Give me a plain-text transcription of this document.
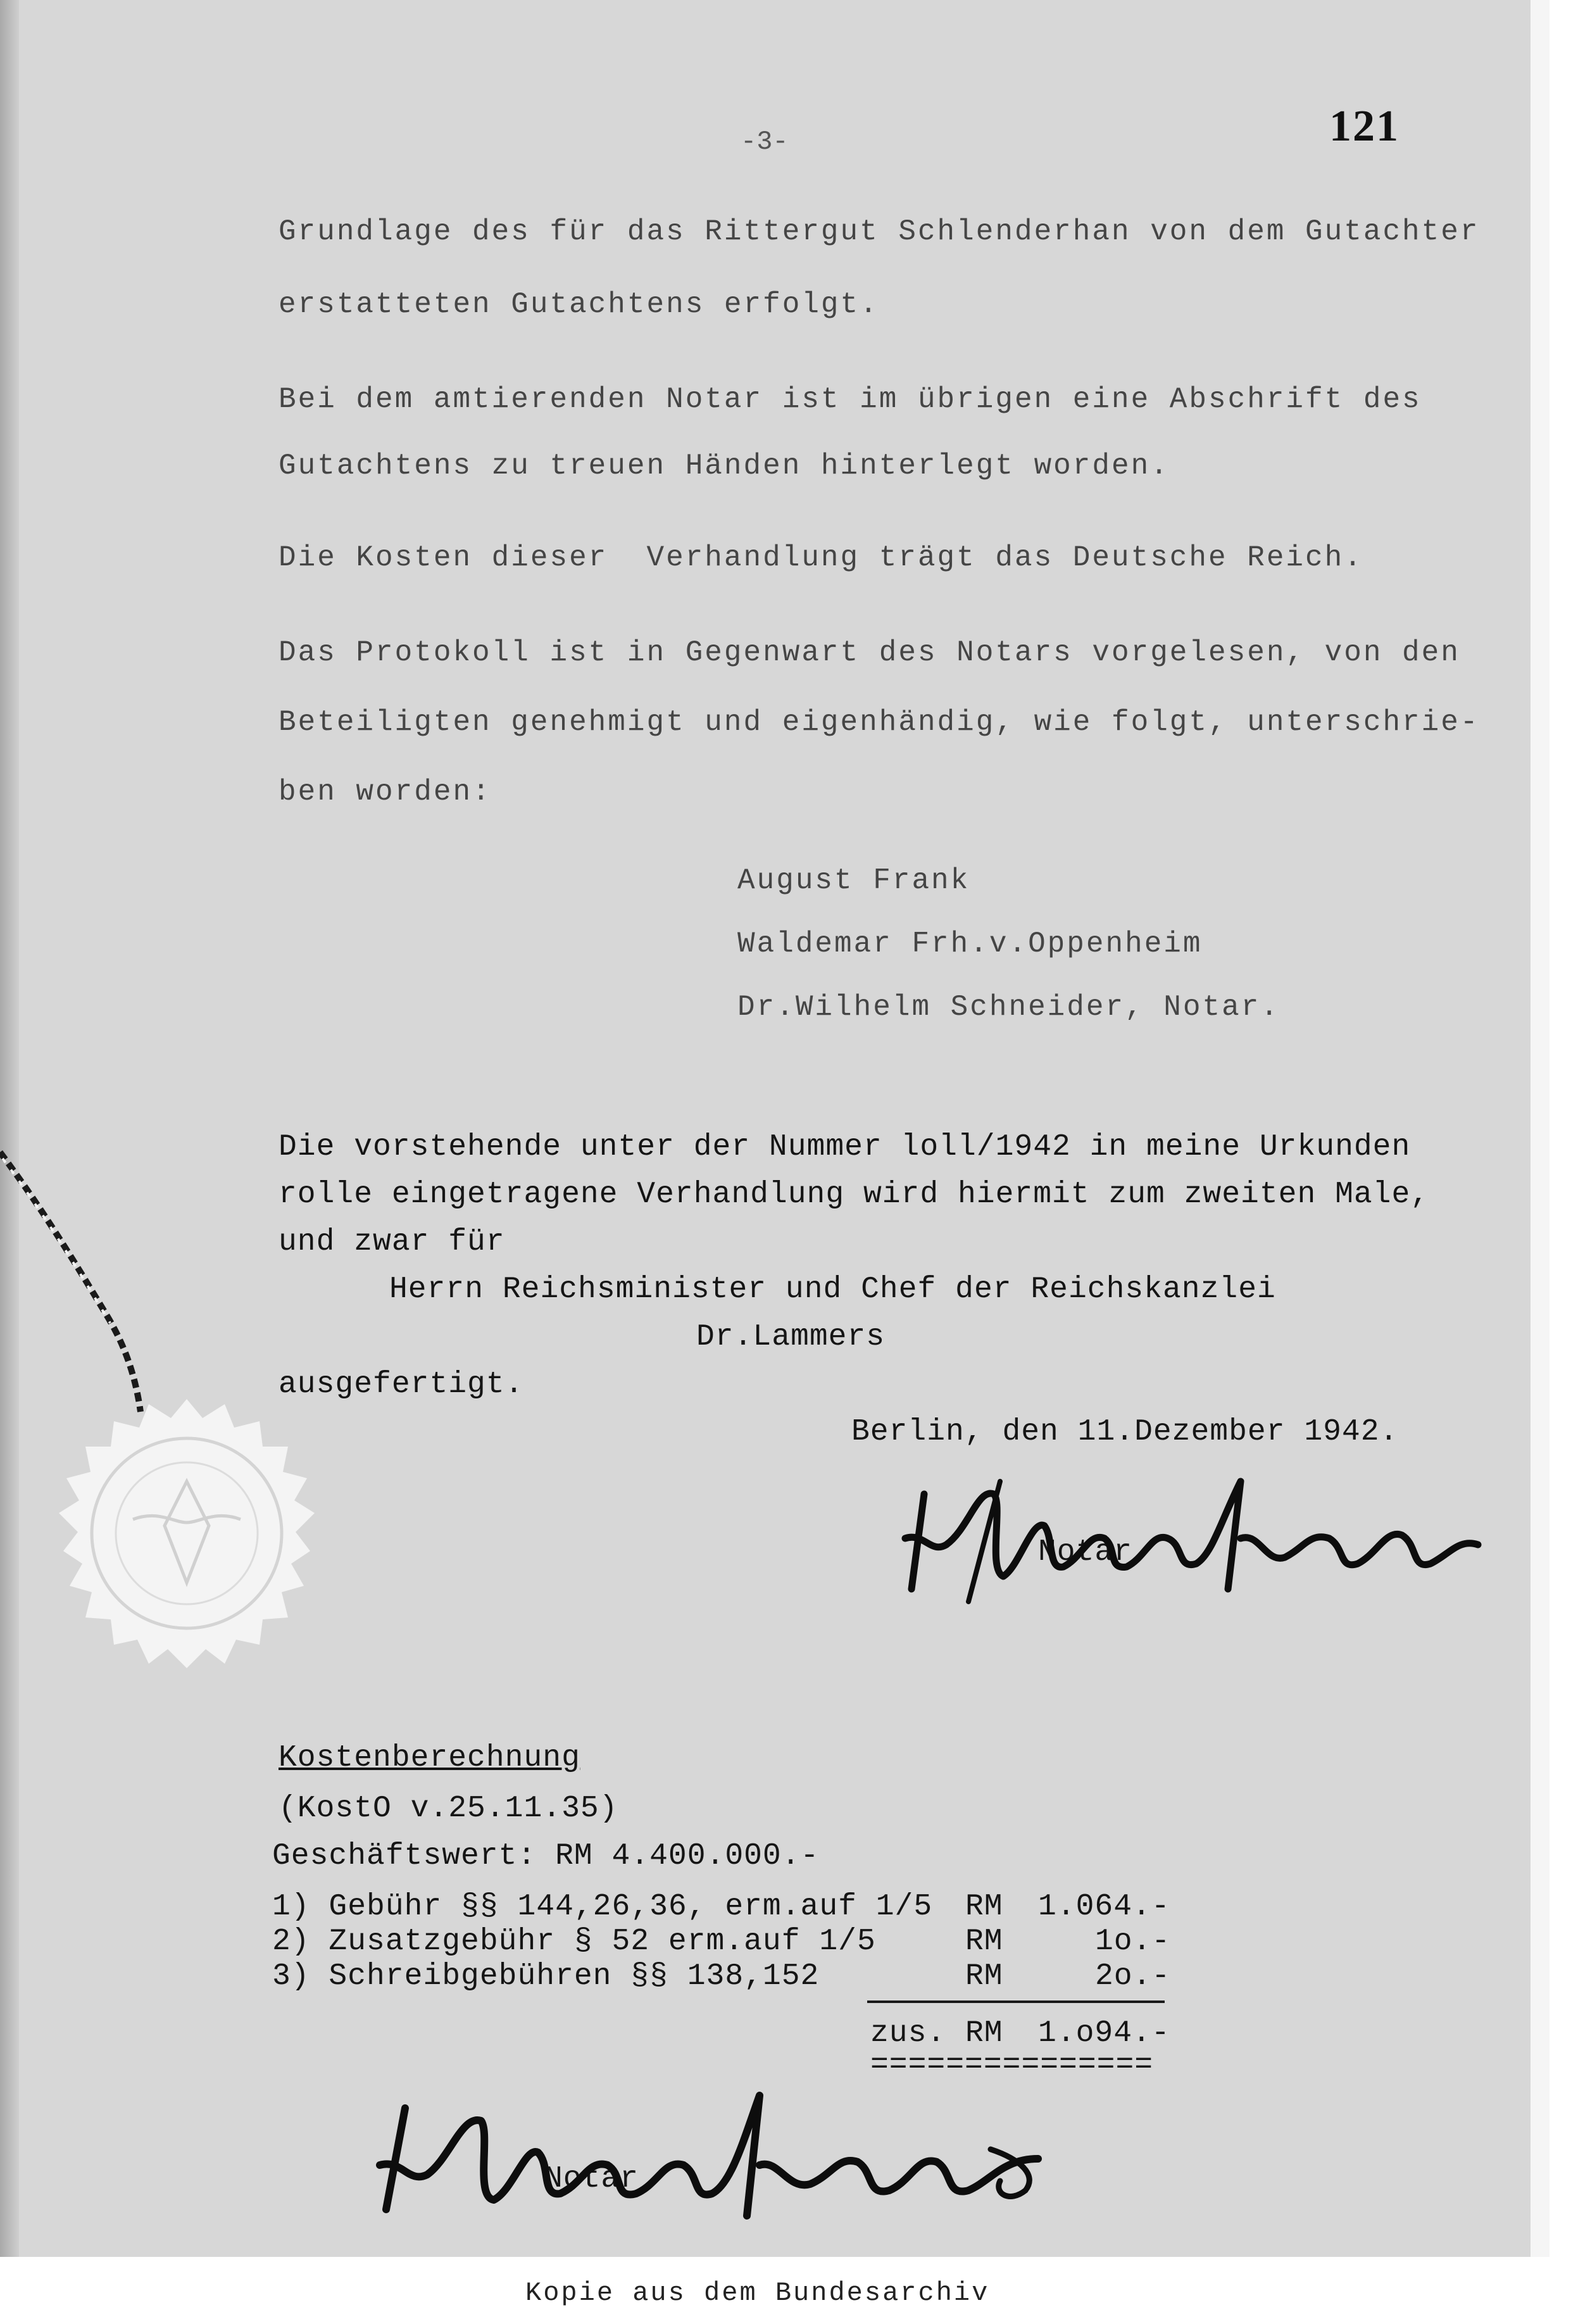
-3-	121
Grundlage des für das Rittergut Schlenderhan von dem Gutachter
erstatteten Gutachtens erfolgt.
Bei dem amtierenden Notar ist im übrigen eine Abschrift des
Gutachtens zu treuen Händen hinterlegt worden.
Die Kosten dieser  Verhandlung trägt das Deutsche Reich.
Das Protokoll ist in Gegenwart des Notars vorgelesen, von den
Beteiligten genehmigt und eigenhändig, wie folgt, unterschrie-
ben worden:
August Frank
Waldemar Frh.v.Oppenheim
Dr.Wilhelm Schneider, Notar.
Die vorstehende unter der Nummer loll/1942 in meine Urkunden
rolle eingetragene Verhandlung wird hiermit zum zweiten Male,
und zwar für
Herrn Reichsminister und Chef der Reichskanzlei
Dr.Lammers
ausgefertigt.
Berlin, den 11.Dezember 1942.
Notar
Kostenberechnung
(KostO v.25.11.35)
Geschäftswert: RM 4.400.000.-
1) Gebühr §§ 144,26,36, erm.auf 1/5 RM 1.064.-
2) Zusatzgebühr § 52 erm.auf 1/5	RM	1o.-
3) Schreibgebühren §§ 138,152	RM	2o.-
zus. RM 1.o94.-
===============
Notar
Kopie aus dem Bundesarchiv
